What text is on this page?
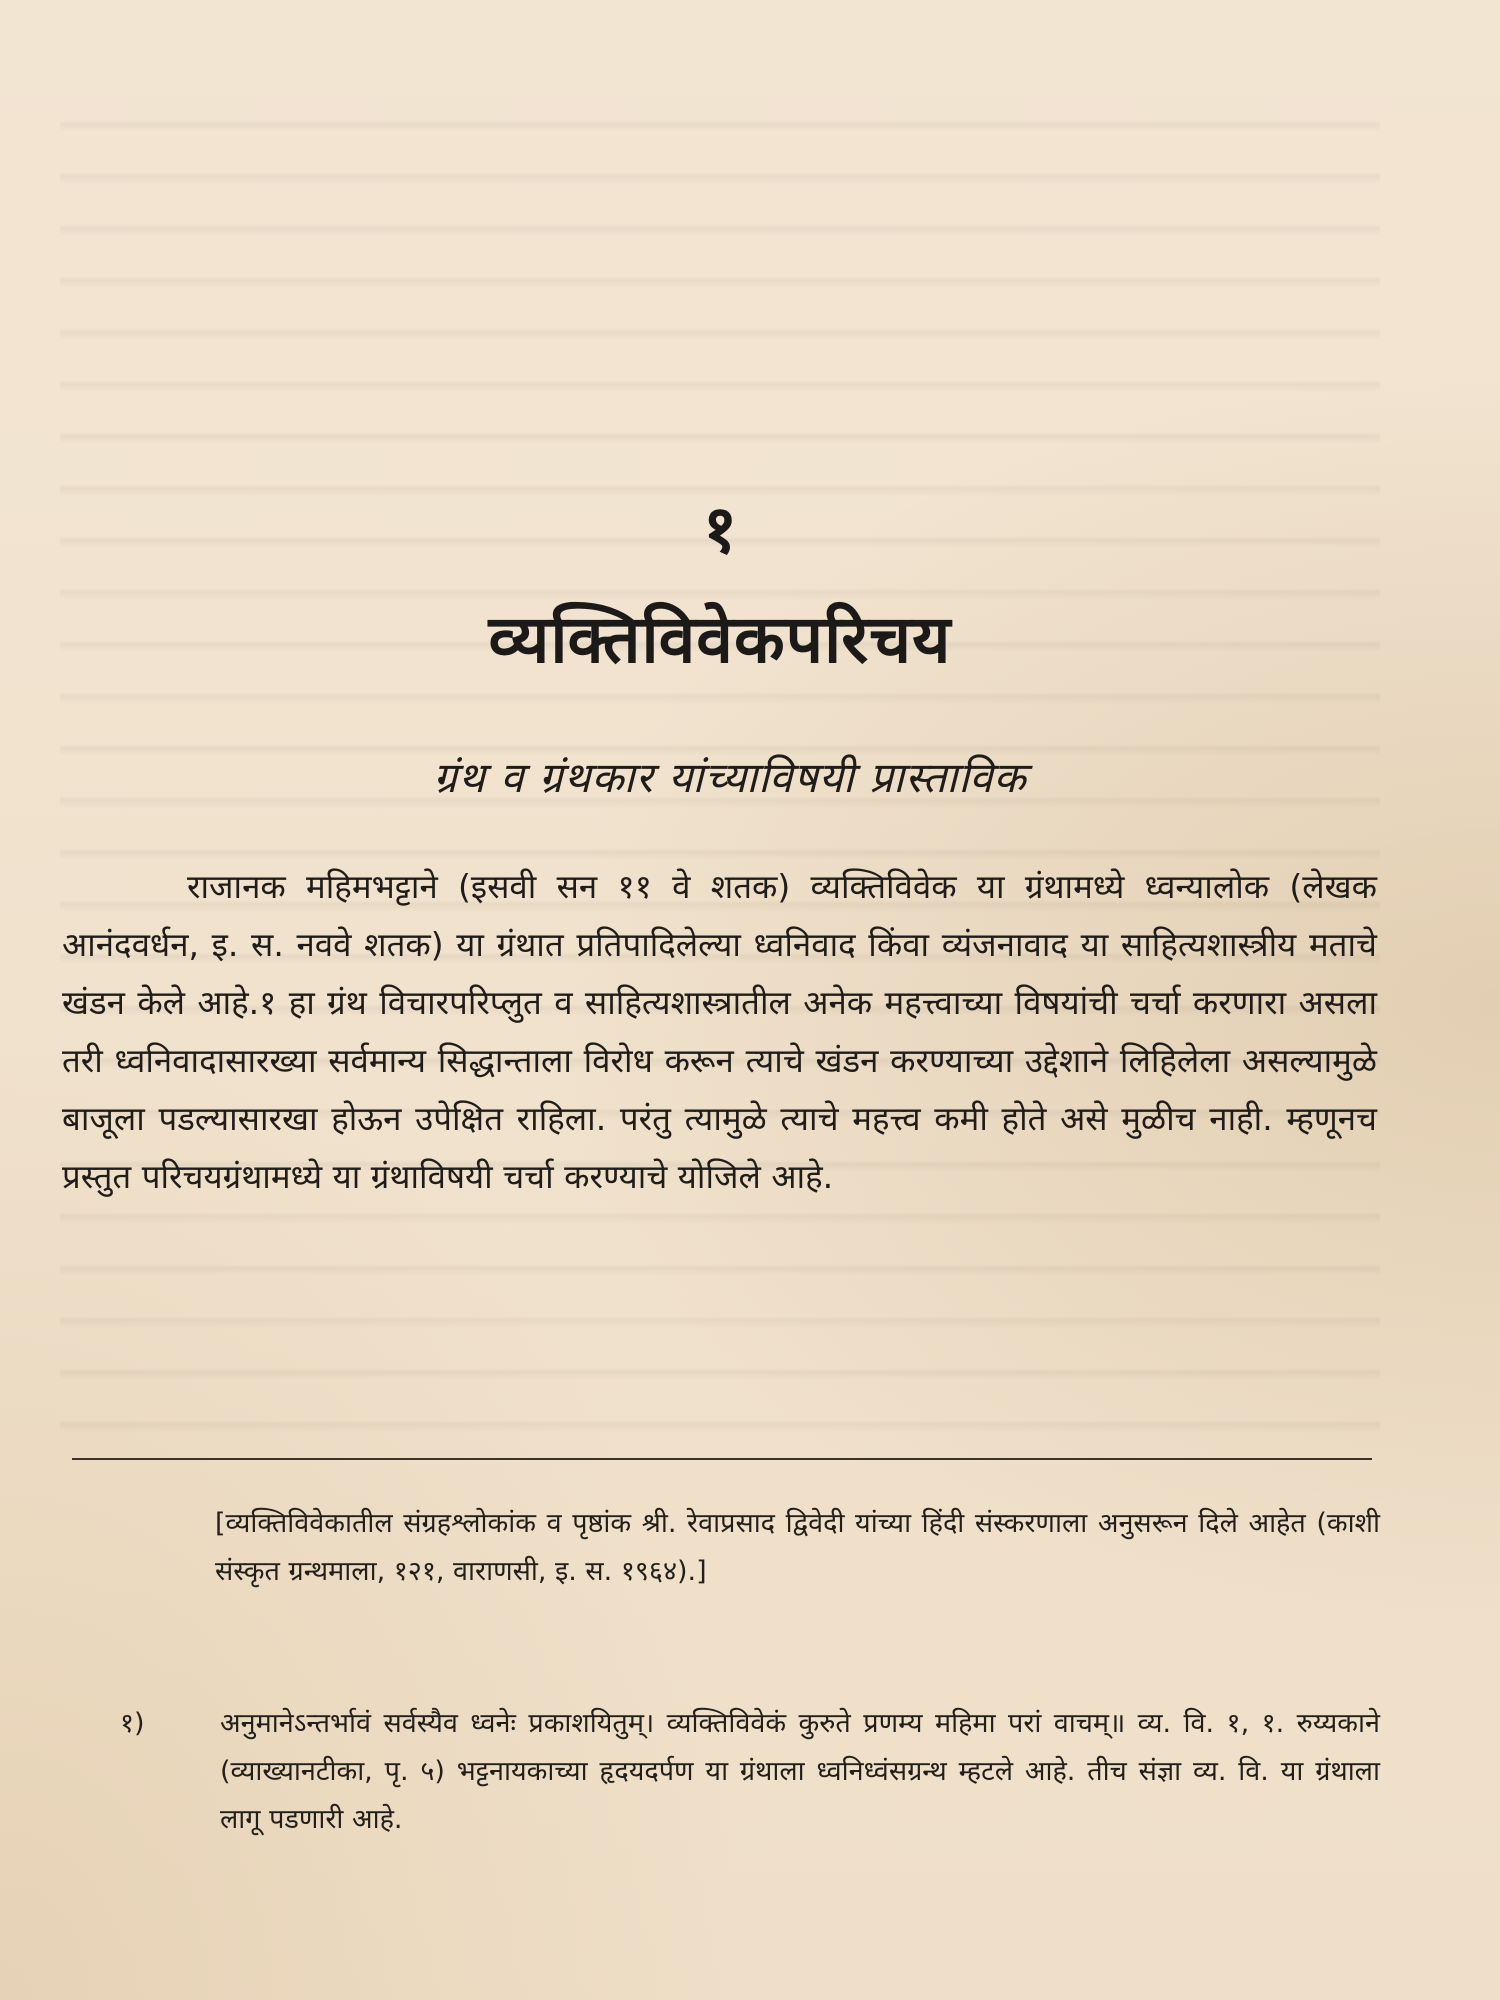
१
व्यक्तिविवेकपरिचय
ग्रंथ व ग्रंथकार यांच्याविषयी प्रास्ताविक

राजानक महिमभट्टाने (इसवी सन ११ वे शतक) व्यक्तिविवेक या ग्रंथामध्ये ध्वन्यालोक (लेखक आनंदवर्धन, इ. स. नववे शतक) या ग्रंथात प्रतिपादिलेल्या ध्वनिवाद किंवा व्यंजनावाद या साहित्यशास्त्रीय मताचे खंडन केले आहे.१ हा ग्रंथ विचारपरिप्लुत व साहित्यशास्त्रातील अनेक महत्त्वाच्या विषयांची चर्चा करणारा असला तरी ध्वनिवादासारख्या सर्वमान्य सिद्धान्ताला विरोध करून त्याचे खंडन करण्याच्या उद्देशाने लिहिलेला असल्यामुळे बाजूला पडल्यासारखा होऊन उपेक्षित राहिला. परंतु त्यामुळे त्याचे महत्त्व कमी होते असे मुळीच नाही. म्हणूनच प्रस्तुत परिचयग्रंथामध्ये या ग्रंथाविषयी चर्चा करण्याचे योजिले आहे.

[व्यक्तिविवेकातील संग्रहश्लोकांक व पृष्ठांक श्री. रेवाप्रसाद द्विवेदी यांच्या हिंदी संस्करणाला अनुसरून दिले आहेत (काशी संस्कृत ग्रन्थमाला, १२१, वाराणसी, इ. स. १९६४).]
१)	अनुमानेऽन्तर्भावं सर्वस्यैव ध्वनेः प्रकाशयितुम्। व्यक्तिविवेकं कुरुते प्रणम्य महिमा परां वाचम्॥ व्य. वि. १, १. रुय्यकाने (व्याख्यानटीका, पृ. ५) भट्टनायकाच्या हृदयदर्पण या ग्रंथाला ध्वनिध्वंसग्रन्थ म्हटले आहे. तीच संज्ञा व्य. वि. या ग्रंथाला लागू पडणारी आहे.
